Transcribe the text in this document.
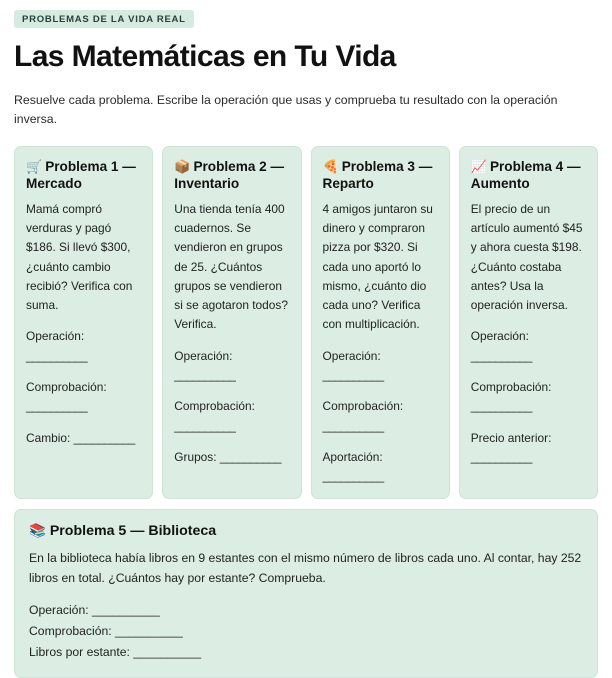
PROBLEMAS DE LA VIDA REAL
Las Matemáticas en Tu Vida

Resuelve cada problema. Escribe la operación que usas y comprueba tu resultado con la operación inversa.

🛒 Problema 1 — Mercado

Mamá compró verduras y pagó $186. Si llevó $300, ¿cuánto cambio recibió? Verifica con suma.

Operación: __________

Comprobación: __________

Cambio: __________

📦 Problema 2 — Inventario

Una tienda tenía 400 cuadernos. Se vendieron en grupos de 25. ¿Cuántos grupos se vendieron si se agotaron todos? Verifica.

Operación: __________

Comprobación: __________

Grupos: __________

🍕 Problema 3 — Reparto

4 amigos juntaron su dinero y compraron pizza por $320. Si cada uno aportó lo mismo, ¿cuánto dio cada uno? Verifica con multiplicación.

Operación: __________

Comprobación: __________

Aportación: __________

📈 Problema 4 — Aumento

El precio de un artículo aumentó $45 y ahora cuesta $198. ¿Cuánto costaba antes? Usa la operación inversa.

Operación: __________

Comprobación: __________

Precio anterior: __________

📚 Problema 5 — Biblioteca

En la biblioteca había libros en 9 estantes con el mismo número de libros cada uno. Al contar, hay 252 libros en total. ¿Cuántos hay por estante? Comprueba.

Operación: __________

Comprobación: __________

Libros por estante: __________
